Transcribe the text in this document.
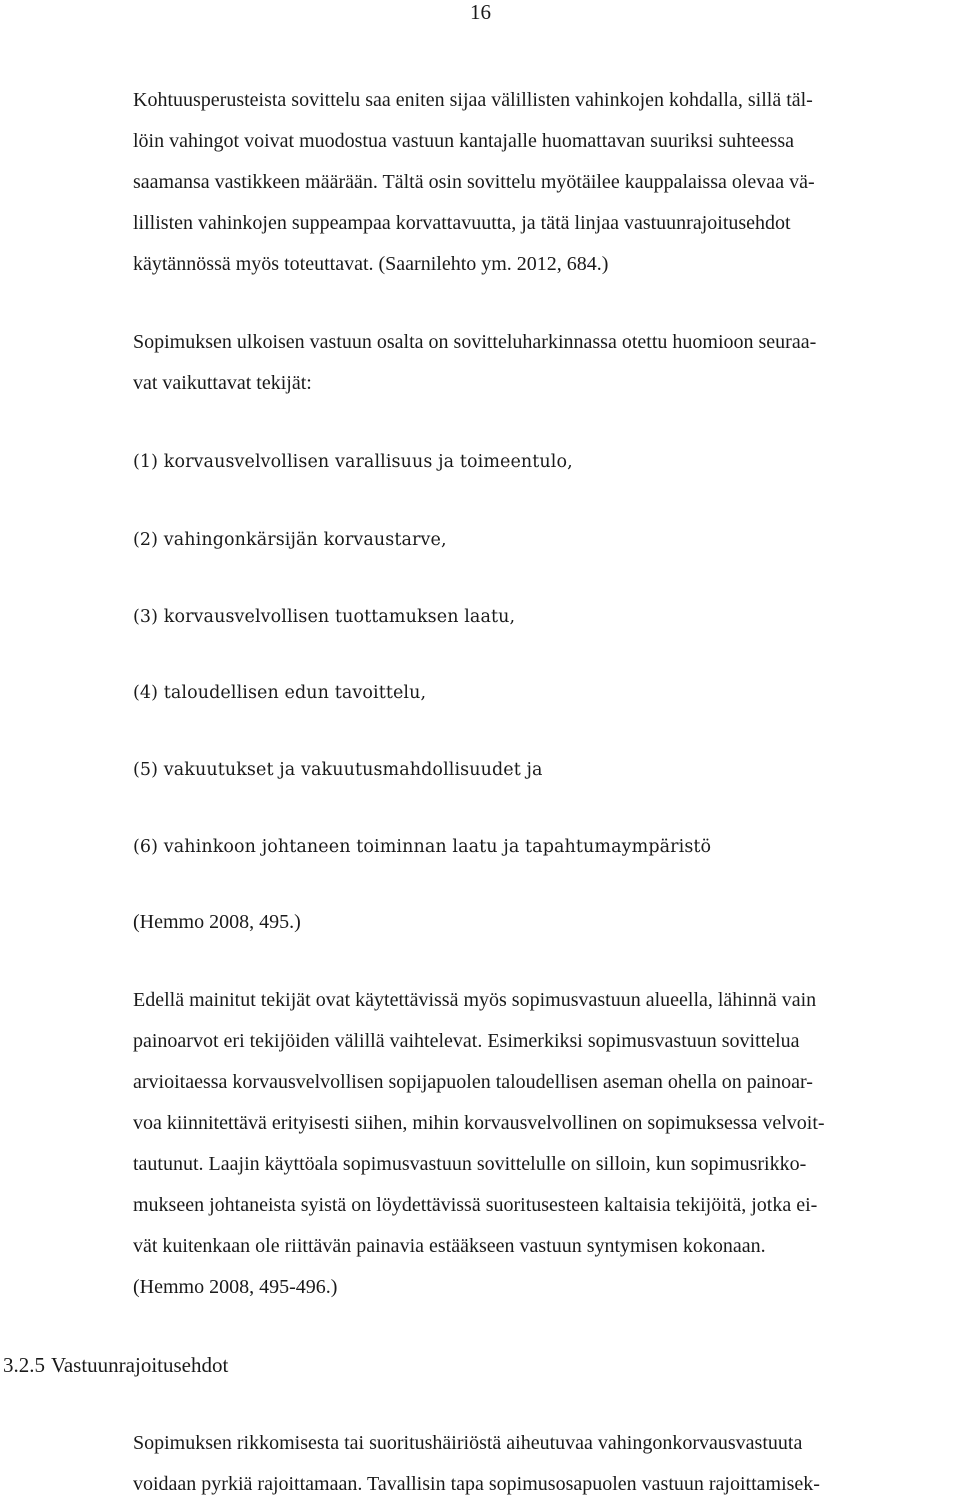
16
Kohtuusperusteista sovittelu saa eniten sijaa välillisten vahinkojen kohdalla, sillä täl-
löin vahingot voivat muodostua vastuun kantajalle huomattavan suuriksi suhteessa
saamansa vastikkeen määrään. Tältä osin sovittelu myötäilee kauppalaissa olevaa vä-
lillisten vahinkojen suppeampaa korvattavuutta, ja tätä linjaa vastuunrajoitusehdot
käytännössä myös toteuttavat. (Saarnilehto ym. 2012, 684.)
Sopimuksen ulkoisen vastuun osalta on sovitteluharkinnassa otettu huomioon seuraa-
vat vaikuttavat tekijät:
(1) korvausvelvollisen varallisuus ja toimeentulo,
(2) vahingonkärsijän korvaustarve,
(3) korvausvelvollisen tuottamuksen laatu,
(4) taloudellisen edun tavoittelu,
(5) vakuutukset ja vakuutusmahdollisuudet ja
(6) vahinkoon johtaneen toiminnan laatu ja tapahtumaympäristö
(Hemmo 2008, 495.)
Edellä mainitut tekijät ovat käytettävissä myös sopimusvastuun alueella, lähinnä vain
painoarvot eri tekijöiden välillä vaihtelevat. Esimerkiksi sopimusvastuun sovittelua
arvioitaessa korvausvelvollisen sopijapuolen taloudellisen aseman ohella on painoar-
voa kiinnitettävä erityisesti siihen, mihin korvausvelvollinen on sopimuksessa velvoit-
tautunut. Laajin käyttöala sopimusvastuun sovittelulle on silloin, kun sopimusrikko-
mukseen johtaneista syistä on löydettävissä suoritusesteen kaltaisia tekijöitä, jotka ei-
vät kuitenkaan ole riittävän painavia estääkseen vastuun syntymisen kokonaan.
(Hemmo 2008, 495-496.)
3.2.5 Vastuunrajoitusehdot
Sopimuksen rikkomisesta tai suoritushäiriöstä aiheutuvaa vahingonkorvausvastuuta
voidaan pyrkiä rajoittamaan. Tavallisin tapa sopimusosapuolen vastuun rajoittamisek-
